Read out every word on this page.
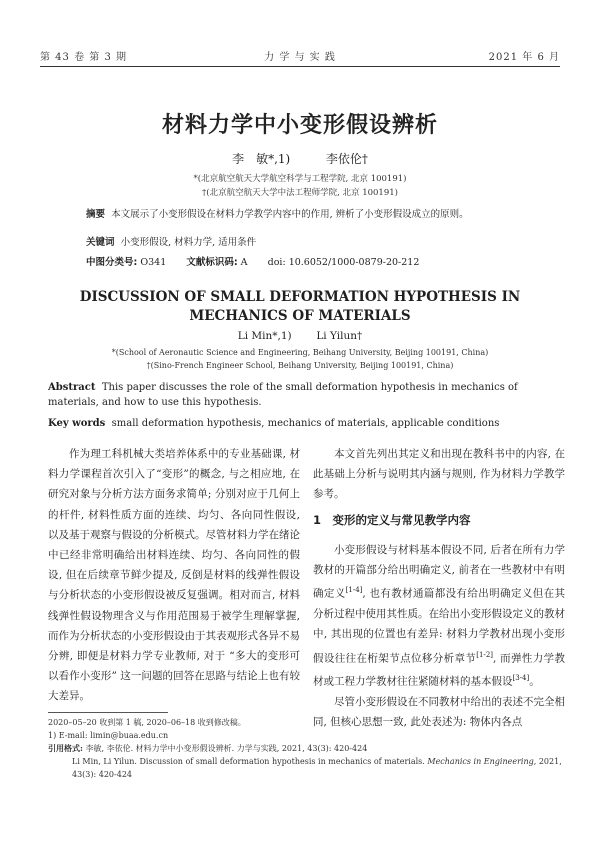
第 43 卷 第 3 期	力 学 与 实 践	2021 年 6 月
材料力学中小变形假设辨析
李　敏*,1)	李依伦†
*(北京航空航天大学航空科学与工程学院, 北京 100191)
†(北京航空航天大学中法工程师学院, 北京 100191)
摘要 本文展示了小变形假设在材料力学教学内容中的作用, 辨析了小变形假设成立的原则。
关键词 小变形假设, 材料力学, 适用条件
中图分类号: O341 文献标识码: A doi: 10.6052/1000-0879-20-212
DISCUSSION OF SMALL DEFORMATION HYPOTHESIS IN
MECHANICS OF MATERIALS
Li Min*,1) Li Yilun†
*(School of Aeronautic Science and Engineering, Beihang University, Beijing 100191, China)
†(Sino-French Engineer School, Beihang University, Beijing 100191, China)
Abstract This paper discusses the role of the small deformation hypothesis in mechanics of materials, and how to use this hypothesis.
Key words small deformation hypothesis, mechanics of materials, applicable conditions

作为理工科机械大类培养体系中的专业基础课, 材料力学课程首次引入了“变形”的概念, 与之相应地, 在研究对象与分析方法方面务求简单; 分别对应于几何上的杆件, 材料性质方面的连续、均匀、各向同性假设, 以及基于观察与假设的分析模式。尽管材料力学在绪论中已经非常明确给出材料连续、均匀、各向同性的假设, 但在后续章节鲜少提及, 反倒是材料的线弹性假设与分析状态的小变形假设被反复强调。相对而言, 材料线弹性假设物理含义与作用范围易于被学生理解掌握, 而作为分析状态的小变形假设由于其表观形式各异不易分辨, 即便是材料力学专业教师, 对于 “多大的变形可以看作小变形” 这一问题的回答在思路与结论上也有较大差异。

本文首先列出其定义和出现在教科书中的内容, 在此基础上分析与说明其内涵与规则, 作为材料力学教学参考。

1　变形的定义与常见教学内容

小变形假设与材料基本假设不同, 后者在所有力学教材的开篇部分给出明确定义, 前者在一些教材中有明确定义[1-4], 也有教材通篇都没有给出明确定义但在其分析过程中使用其性质。在给出小变形假设定义的教材中, 其出现的位置也有差异: 材料力学教材出现小变形假设往往在桁架节点位移分析章节[1-2], 而弹性力学教材或工程力学教材往往紧随材料的基本假设[3-4]。

尽管小变形假设在不同教材中给出的表述不完全相同, 但核心思想一致, 此处表述为: 物体内各点

2020–05–20 收到第 1 稿, 2020–06–18 收到修改稿。
1) E-mail: limin@buaa.edu.cn
引用格式: 李敏, 李依伦. 材料力学中小变形假设辨析. 力学与实践, 2021, 43(3): 420-424
Li Min, Li Yilun. Discussion of small deformation hypothesis in mechanics of materials. Mechanics in Engineering, 2021,
43(3): 420-424
